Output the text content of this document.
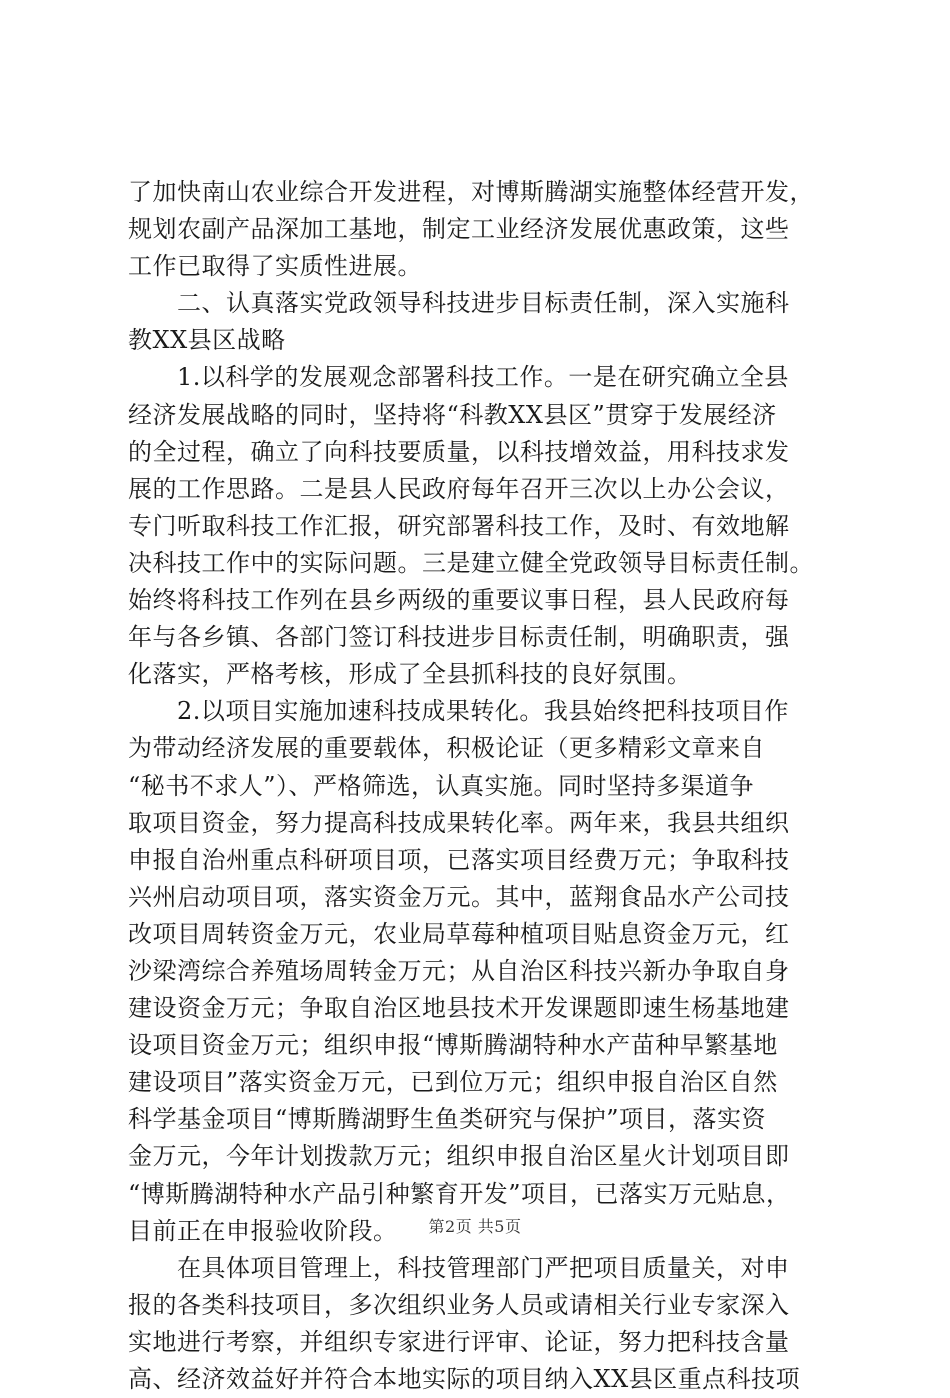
了加快南山农业综合开发进程，对博斯腾湖实施整体经营开发，
规划农副产品深加工基地，制定工业经济发展优惠政策，这些
工作已取得了实质性进展。
　　二、认真落实党政领导科技进步目标责任制，深入实施科
教XX县区战略
　　1.以科学的发展观念部署科技工作。一是在研究确立全县
经济发展战略的同时，坚持将“科教XX县区”贯穿于发展经济
的全过程，确立了向科技要质量，以科技增效益，用科技求发
展的工作思路。二是县人民政府每年召开三次以上办公会议，
专门听取科技工作汇报，研究部署科技工作，及时、有效地解
决科技工作中的实际问题。三是建立健全党政领导目标责任制。
始终将科技工作列在县乡两级的重要议事日程，县人民政府每
年与各乡镇、各部门签订科技进步目标责任制，明确职责，强
化落实，严格考核，形成了全县抓科技的良好氛围。
　　2.以项目实施加速科技成果转化。我县始终把科技项目作
为带动经济发展的重要载体，积极论证（更多精彩文章来自
“秘书不求人”）、严格筛选，认真实施。同时坚持多渠道争
取项目资金，努力提高科技成果转化率。两年来，我县共组织
申报自治州重点科研项目项，已落实项目经费万元；争取科技
兴州启动项目项，落实资金万元。其中，蓝翔食品水产公司技
改项目周转资金万元，农业局草莓种植项目贴息资金万元，红
沙梁湾综合养殖场周转金万元；从自治区科技兴新办争取自身
建设资金万元；争取自治区地县技术开发课题即速生杨基地建
设项目资金万元；组织申报“博斯腾湖特种水产苗种早繁基地
建设项目”落实资金万元，已到位万元；组织申报自治区自然
科学基金项目“博斯腾湖野生鱼类研究与保护”项目，落实资
金万元，今年计划拨款万元；组织申报自治区星火计划项目即
“博斯腾湖特种水产品引种繁育开发”项目，已落实万元贴息，
目前正在申报验收阶段。
　　在具体项目管理上，科技管理部门严把项目质量关，对申
报的各类科技项目，多次组织业务人员或请相关行业专家深入
实地进行考察，并组织专家进行评审、论证，努力把科技含量
高、经济效益好并符合本地实际的项目纳入XX县区重点科技项
第2页 共5页
